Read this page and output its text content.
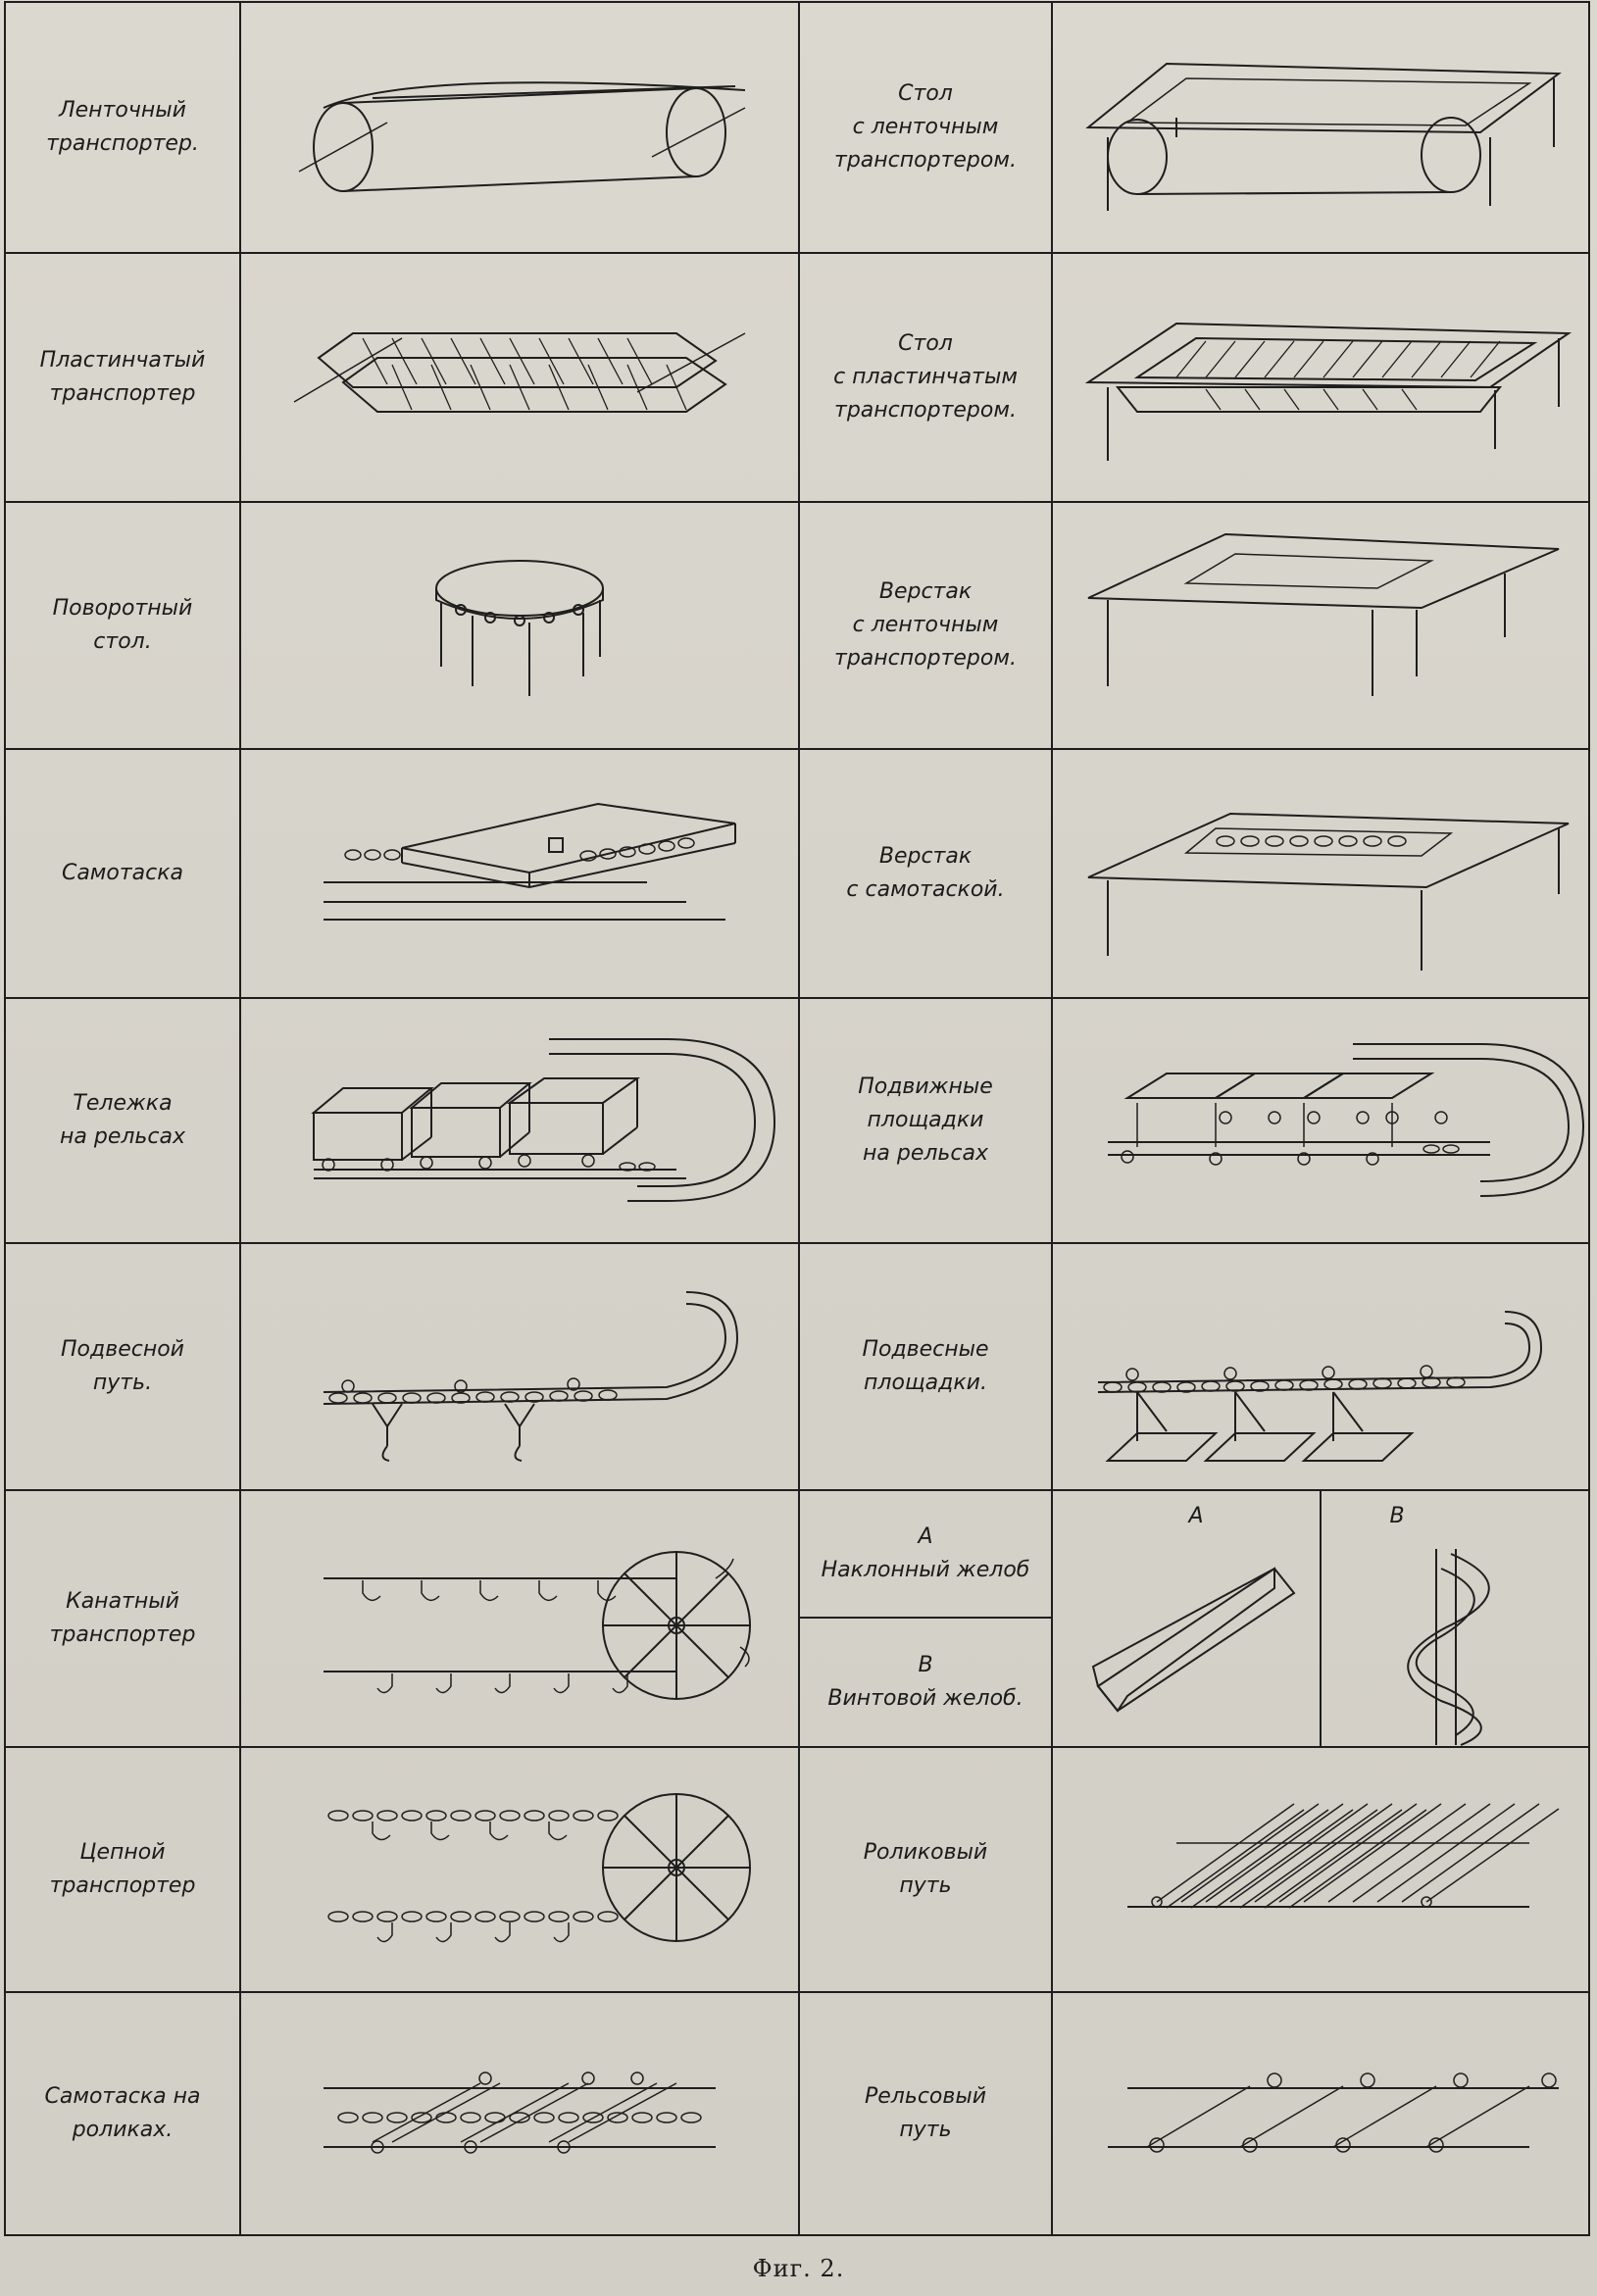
Ленточный
транспортер.
Пластинчатый
транспортер
Поворотный
стол.
Самотаска
Тележка
на рельсах
Подвесной
путь.
Канатный
транспортер
Цепной
транспортер
Самотаска на
роликах.
Стол
с ленточным
транспортером.
Стол
с пластинчатым
транспортером.
Верстак
с ленточным
транспортером.
Верстак
с самотаской.
Подвижные
площадки
на рельсах
Подвесные
площадки.
A
Наклонный желоб
B
Винтовой желоб.
Роликовый
путь
Рельсовый
путь
A	B
Фиг. 2.
